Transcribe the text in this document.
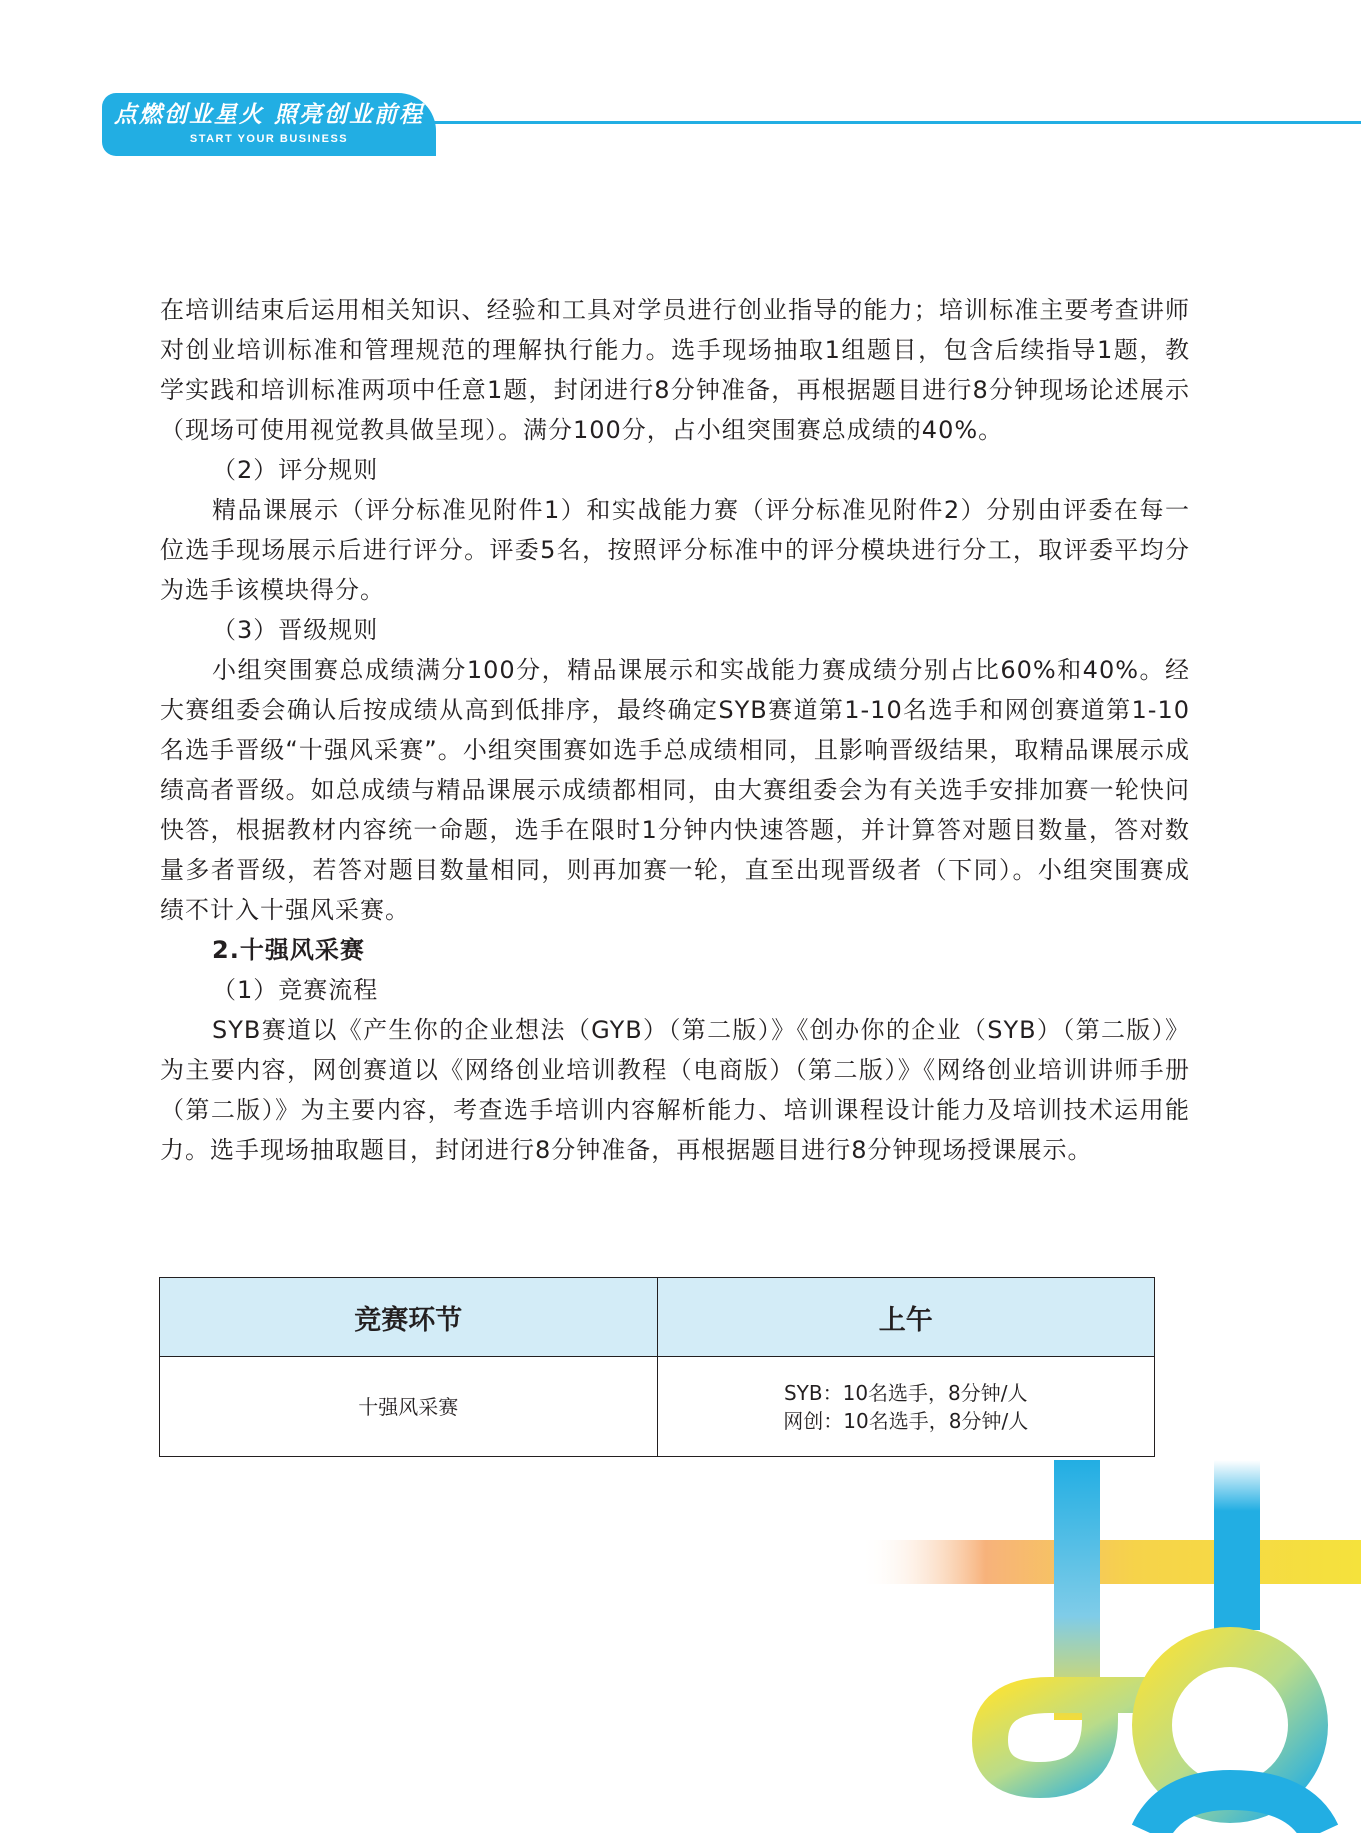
点燃创业星火 照亮创业前程
START YOUR BUSINESS

在培训结束后运用相关知识、经验和工具对学员进行创业指导的能力；培训标准主要考查讲师对创业培训标准和管理规范的理解执行能力。选手现场抽取1组题目，包含后续指导1题，教学实践和培训标准两项中任意1题，封闭进行8分钟准备，再根据题目进行8分钟现场论述展示（现场可使用视觉教具做呈现）。满分100分，占小组突围赛总成绩的40%。

（2）评分规则

精品课展示（评分标准见附件1）和实战能力赛（评分标准见附件2）分别由评委在每一位选手现场展示后进行评分。评委5名，按照评分标准中的评分模块进行分工，取评委平均分为选手该模块得分。

（3）晋级规则

小组突围赛总成绩满分100分，精品课展示和实战能力赛成绩分别占比60%和40%。经大赛组委会确认后按成绩从高到低排序，最终确定SYB赛道第1-10名选手和网创赛道第1-10名选手晋级“十强风采赛”。小组突围赛如选手总成绩相同，且影响晋级结果，取精品课展示成绩高者晋级。如总成绩与精品课展示成绩都相同，由大赛组委会为有关选手安排加赛一轮快问快答，根据教材内容统一命题，选手在限时1分钟内快速答题，并计算答对题目数量，答对数量多者晋级，若答对题目数量相同，则再加赛一轮，直至出现晋级者（下同）。小组突围赛成绩不计入十强风采赛。

2.十强风采赛

（1）竞赛流程

SYB赛道以《产生你的企业想法（GYB）（第二版）》《创办你的企业（SYB）（第二版）》为主要内容，网创赛道以《网络创业培训教程（电商版）（第二版）》《网络创业培训讲师手册（第二版）》为主要内容，考查选手培训内容解析能力、培训课程设计能力及培训技术运用能力。选手现场抽取题目，封闭进行8分钟准备，再根据题目进行8分钟现场授课展示。

竞赛环节	上午
十强风采赛	SYB：10名选手，8分钟/人
网创：10名选手，8分钟/人
